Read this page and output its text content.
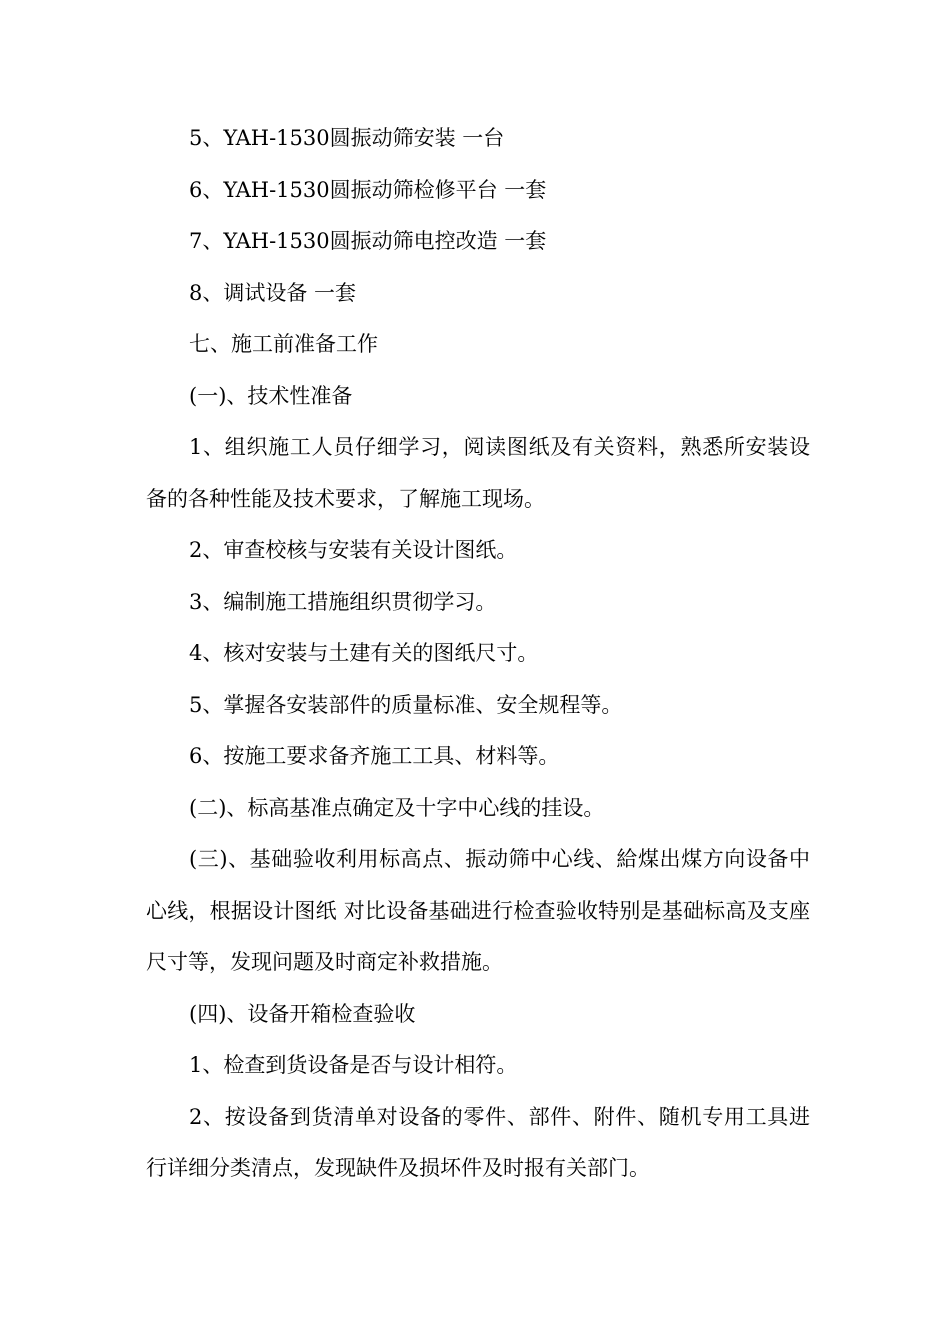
5、YAH-1530圆振动筛安装 一台

6、YAH-1530圆振动筛检修平台 一套

7、YAH-1530圆振动筛电控改造 一套

8、调试设备 一套

七、施工前准备工作

(一)、技术性准备

1、组织施工人员仔细学习，阅读图纸及有关资料，熟悉所安装设备的各种性能及技术要求，了解施工现场。

2、审查校核与安装有关设计图纸。

3、编制施工措施组织贯彻学习。

4、核对安装与土建有关的图纸尺寸。

5、掌握各安装部件的质量标准、安全规程等。

6、按施工要求备齐施工工具、材料等。

(二)、标高基准点确定及十字中心线的挂设。

(三)、基础验收利用标高点、振动筛中心线、給煤出煤方向设备中心线，根据设计图纸 对比设备基础进行检查验收特别是基础标高及支座尺寸等，发现问题及时商定补救措施。

(四)、设备开箱检查验收

1、检查到货设备是否与设计相符。

2、按设备到货清单对设备的零件、部件、附件、随机专用工具进行详细分类清点，发现缺件及损坏件及时报有关部门。
